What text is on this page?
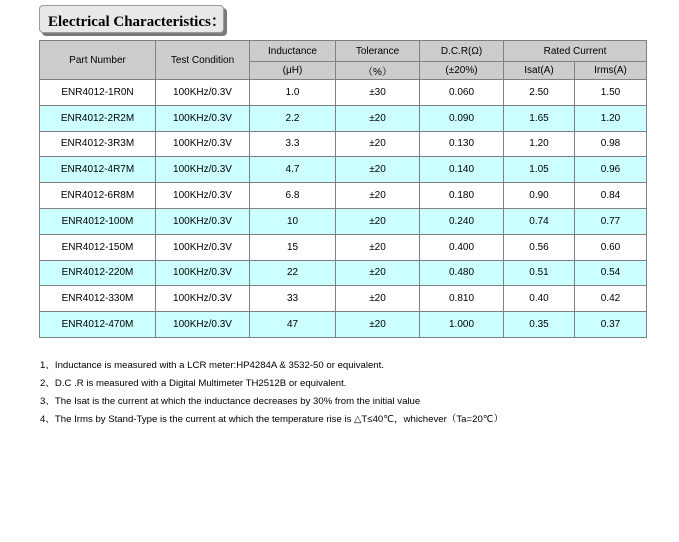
Electrical Characteristics：
Part Number	Test Condition	Inductance	Tolerance	D.C.R(Ω)	Rated Current	
		(μH)	（%）	(±20%)	Isat(A)	Irms(A)
ENR4012-1R0N	100KHz/0.3V	1.0	±30	0.060	2.50	1.50
ENR4012-2R2M	100KHz/0.3V	2.2	±20	0.090	1.65	1.20
ENR4012-3R3M	100KHz/0.3V	3.3	±20	0.130	1.20	0.98
ENR4012-4R7M	100KHz/0.3V	4.7	±20	0.140	1.05	0.96
ENR4012-6R8M	100KHz/0.3V	6.8	±20	0.180	0.90	0.84
ENR4012-100M	100KHz/0.3V	10	±20	0.240	0.74	0.77
ENR4012-150M	100KHz/0.3V	15	±20	0.400	0.56	0.60
ENR4012-220M	100KHz/0.3V	22	±20	0.480	0.51	0.54
ENR4012-330M	100KHz/0.3V	33	±20	0.810	0.40	0.42
ENR4012-470M	100KHz/0.3V	47	±20	1.000	0.35	0.37
1、Inductance is measured with a LCR meter:HP4284A & 3532-50 or equivalent.
2、D.C .R is measured with a Digital Multimeter TH2512B or equivalent.
3、The Isat is the current at which the inductance decreases by 30% from the initial value
4、The Irms by Stand-Type is the current at which the temperature rise is △T≤40℃，whichever（Ta=20℃）
